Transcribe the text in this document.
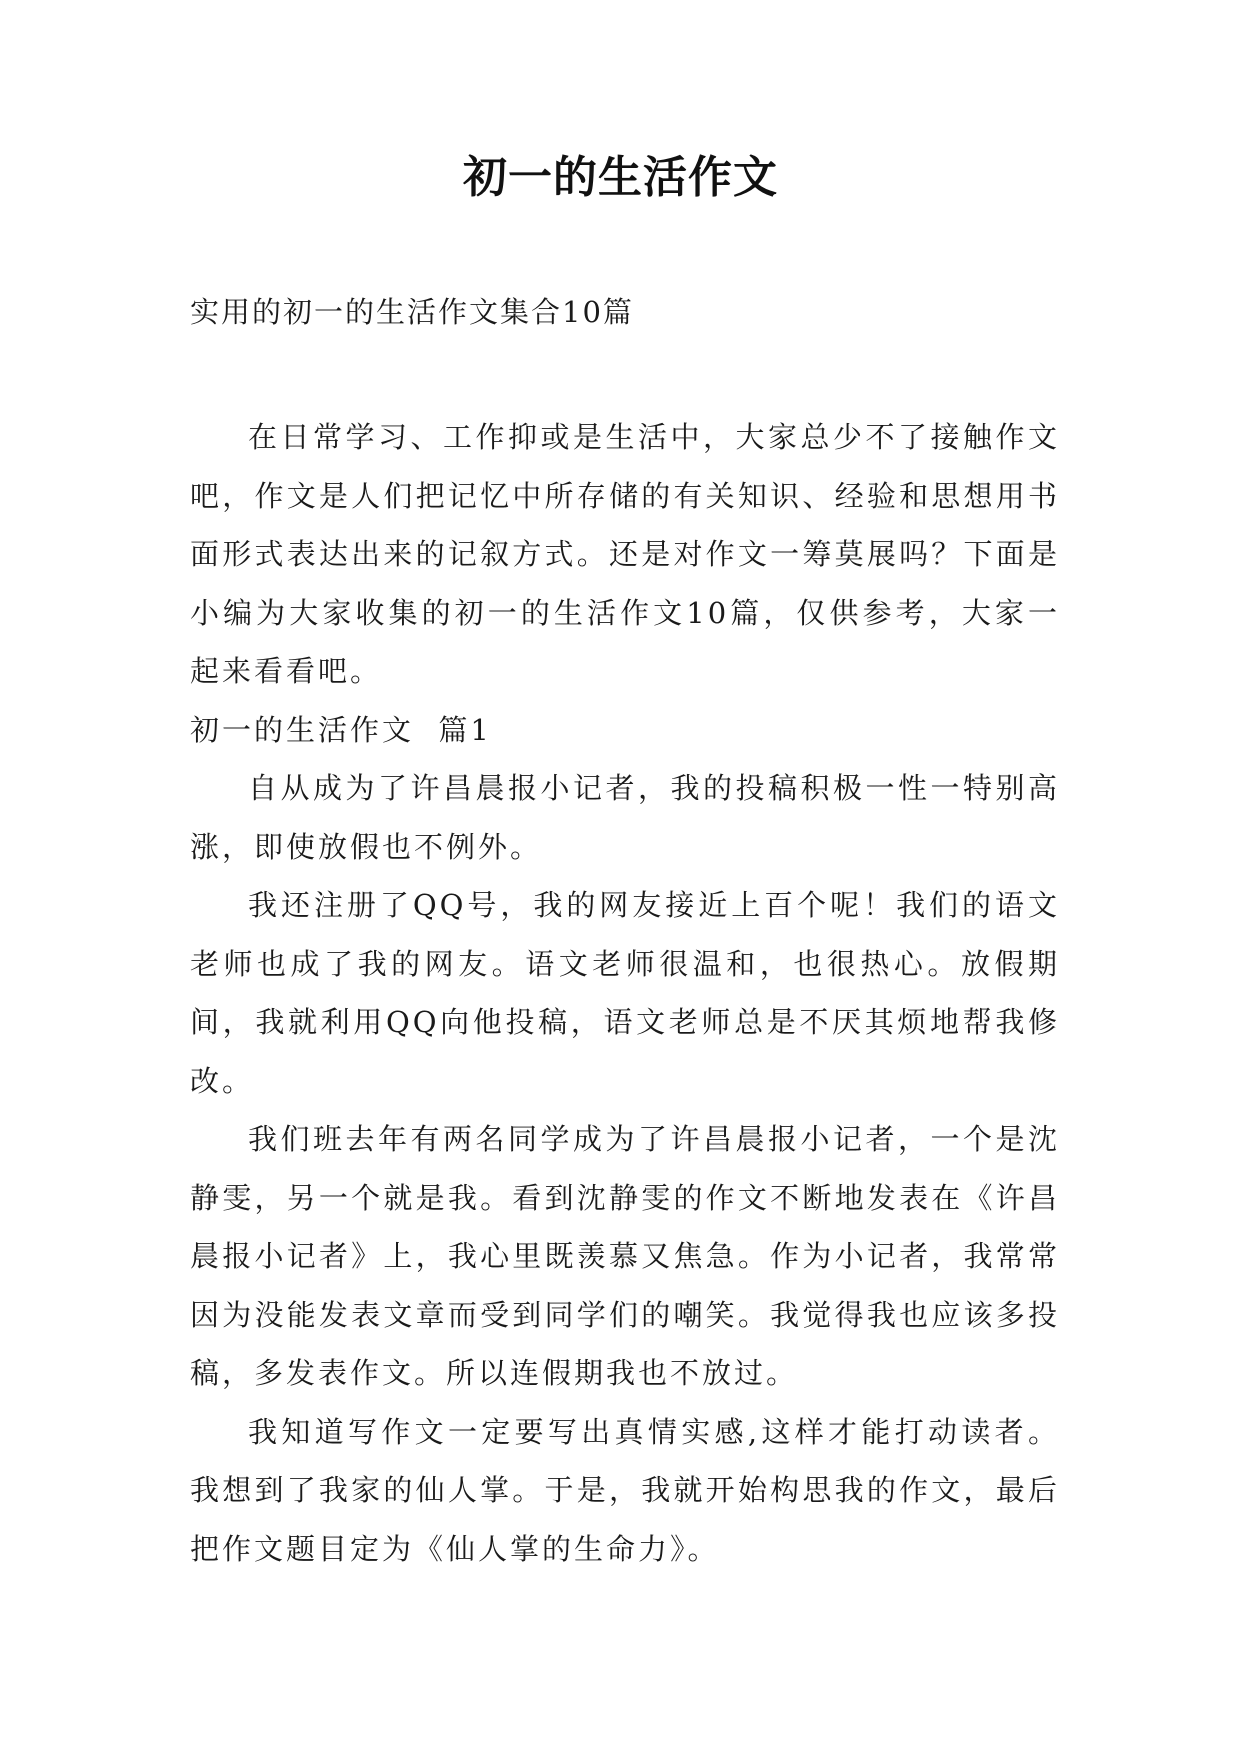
初一的生活作文
实用的初一的生活作文集合10篇

在日常学习、工作抑或是生活中，大家总少不了接触作文吧，作文是人们把记忆中所存储的有关知识、经验和思想用书面形式表达出来的记叙方式。还是对作文一筹莫展吗？下面是小编为大家收集的初一的生活作文10篇，仅供参考，大家一起来看看吧。

初一的生活作文  篇1

自从成为了许昌晨报小记者，我的投稿积极一性一特别高涨，即使放假也不例外。

我还注册了QQ号，我的网友接近上百个呢！我们的语文老师也成了我的网友。语文老师很温和，也很热心。放假期间，我就利用QQ向他投稿，语文老师总是不厌其烦地帮我修改。

我们班去年有两名同学成为了许昌晨报小记者，一个是沈静雯，另一个就是我。看到沈静雯的作文不断地发表在《许昌晨报小记者》上，我心里既羡慕又焦急。作为小记者，我常常因为没能发表文章而受到同学们的嘲笑。我觉得我也应该多投稿，多发表作文。所以连假期我也不放过。

我知道写作文一定要写出真情实感,这样才能打动读者。我想到了我家的仙人掌。于是，我就开始构思我的作文，最后把作文题目定为《仙人掌的生命力》。
